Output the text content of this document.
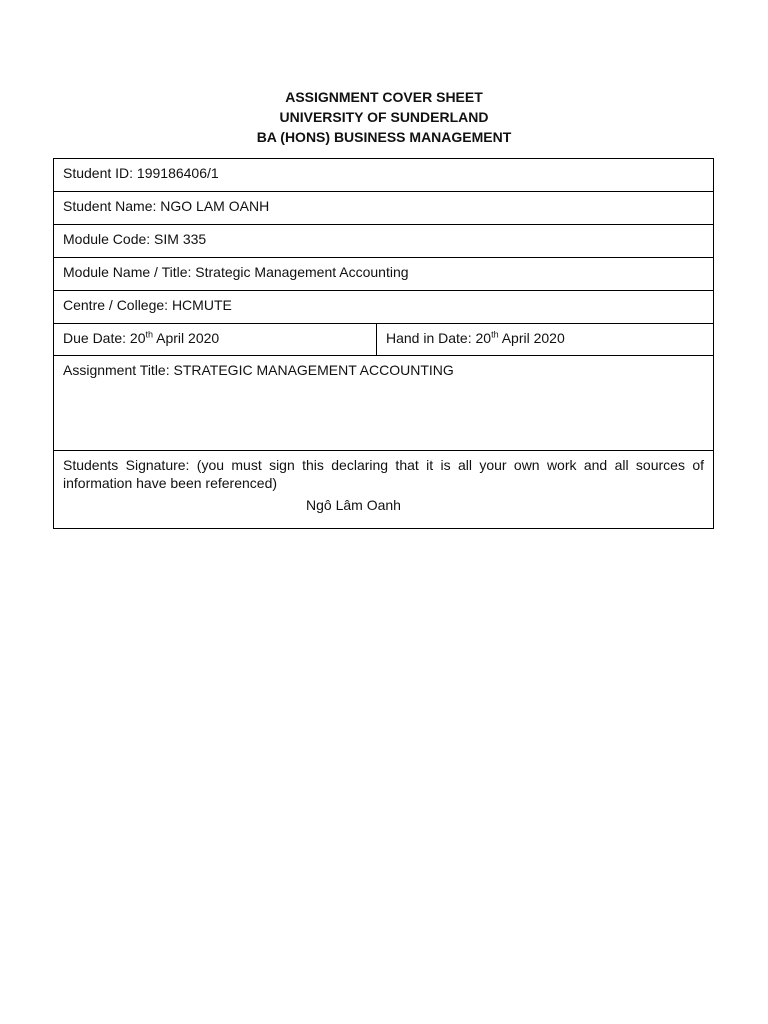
ASSIGNMENT COVER SHEET
UNIVERSITY OF SUNDERLAND
BA (HONS) BUSINESS MANAGEMENT
Student ID: 199186406/1
Student Name: NGO LAM OANH
Module Code: SIM 335
Module Name / Title: Strategic Management Accounting
Centre / College: HCMUTE
Due Date: 20th April 2020	Hand in Date: 20th April 2020
Assignment Title: STRATEGIC MANAGEMENT ACCOUNTING

Students Signature: (you must sign this declaring that it is all your own work and all sources of information have been referenced)
Ngô Lâm Oanh
